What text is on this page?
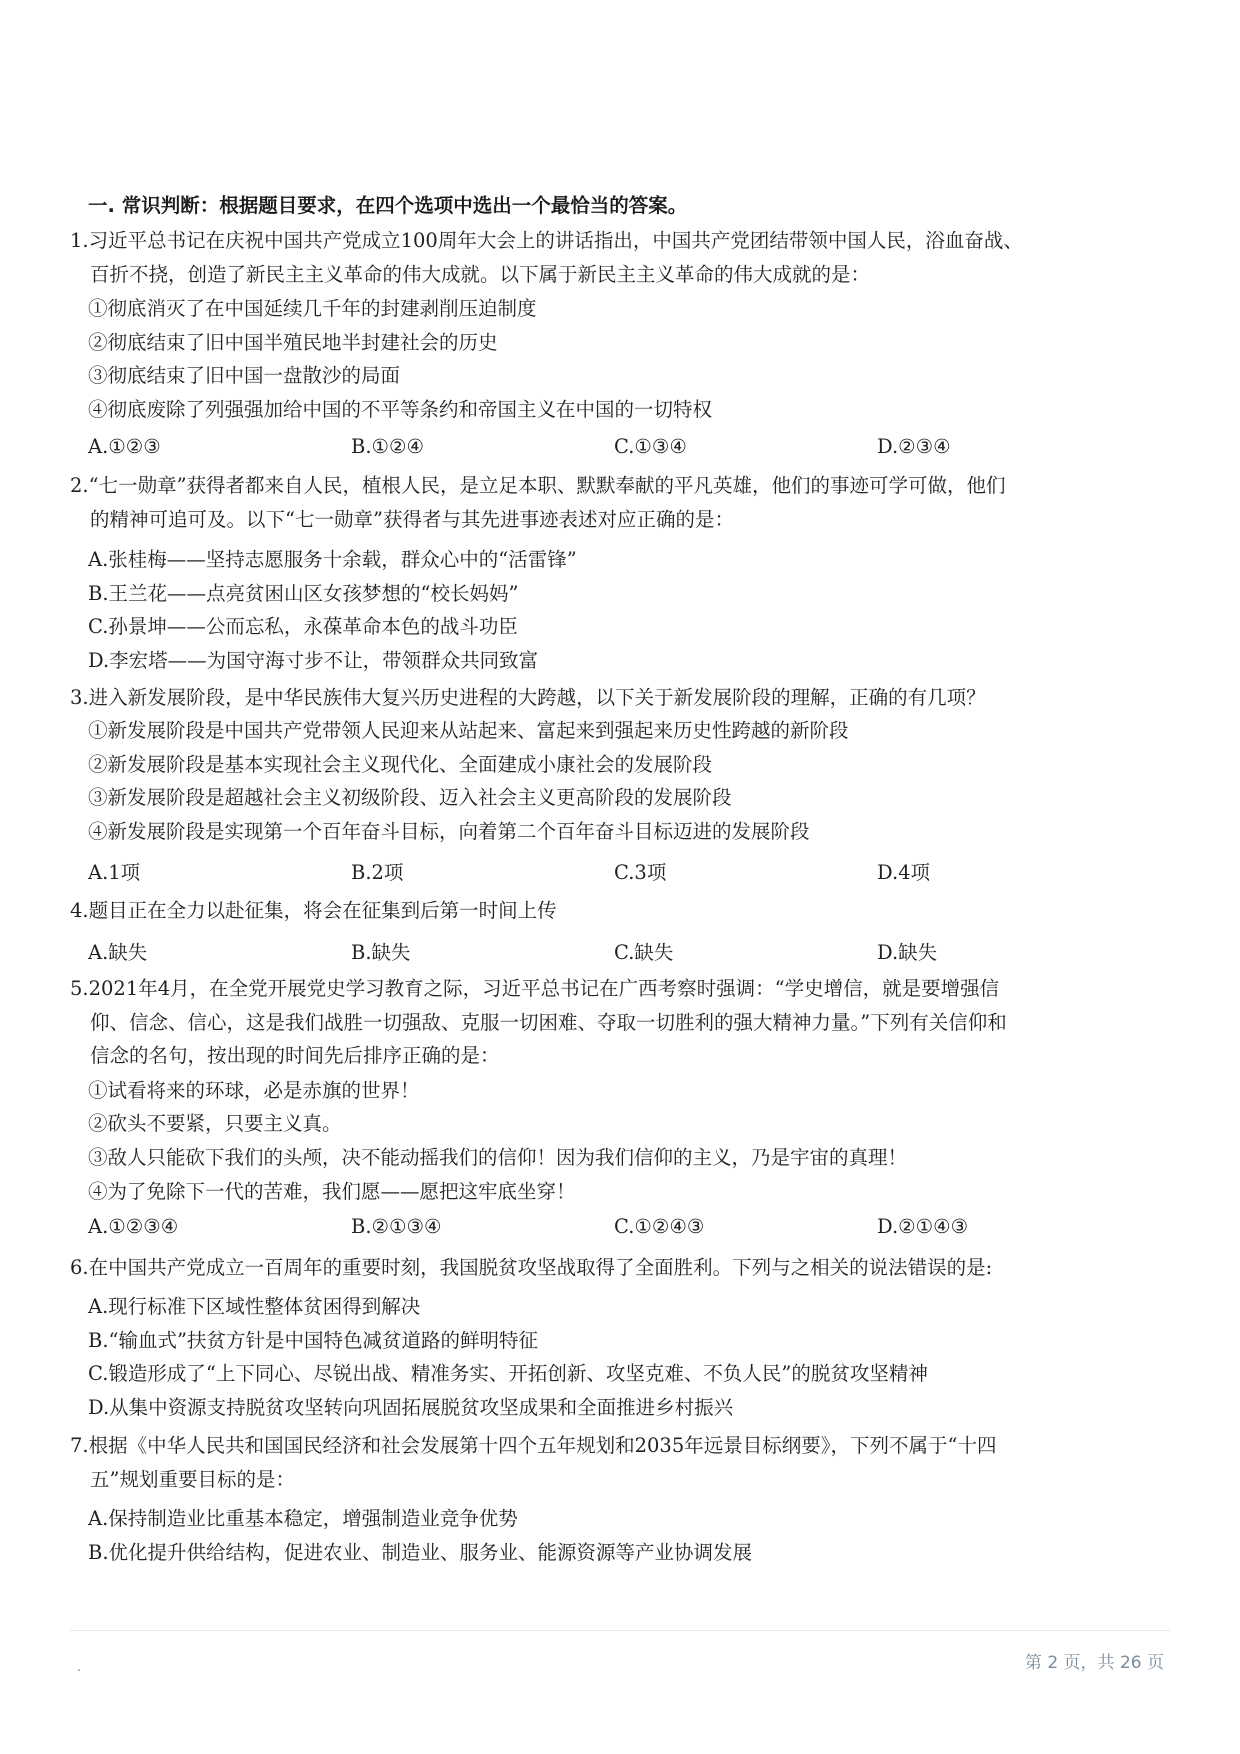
一. 常识判断：根据题目要求，在四个选项中选出一个最恰当的答案。
1.习近平总书记在庆祝中国共产党成立100周年大会上的讲话指出，中国共产党团结带领中国人民，浴血奋战、
百折不挠，创造了新民主主义革命的伟大成就。以下属于新民主主义革命的伟大成就的是：
①彻底消灭了在中国延续几千年的封建剥削压迫制度
②彻底结束了旧中国半殖民地半封建社会的历史
③彻底结束了旧中国一盘散沙的局面
④彻底废除了列强强加给中国的不平等条约和帝国主义在中国的一切特权
A.①②③	B.①②④	C.①③④	D.②③④
2.“七一勋章”获得者都来自人民，植根人民，是立足本职、默默奉献的平凡英雄，他们的事迹可学可做，他们
的精神可追可及。以下“七一勋章”获得者与其先进事迹表述对应正确的是：
A.张桂梅——坚持志愿服务十余载，群众心中的“活雷锋”
B.王兰花——点亮贫困山区女孩梦想的“校长妈妈”
C.孙景坤——公而忘私，永葆革命本色的战斗功臣
D.李宏塔——为国守海寸步不让，带领群众共同致富
3.进入新发展阶段，是中华民族伟大复兴历史进程的大跨越，以下关于新发展阶段的理解，正确的有几项？
①新发展阶段是中国共产党带领人民迎来从站起来、富起来到强起来历史性跨越的新阶段
②新发展阶段是基本实现社会主义现代化、全面建成小康社会的发展阶段
③新发展阶段是超越社会主义初级阶段、迈入社会主义更高阶段的发展阶段
④新发展阶段是实现第一个百年奋斗目标，向着第二个百年奋斗目标迈进的发展阶段
A.1项	B.2项	C.3项	D.4项
4.题目正在全力以赴征集，将会在征集到后第一时间上传
A.缺失	B.缺失	C.缺失	D.缺失
5.2021年4月，在全党开展党史学习教育之际，习近平总书记在广西考察时强调：“学史增信，就是要增强信
仰、信念、信心，这是我们战胜一切强敌、克服一切困难、夺取一切胜利的强大精神力量。”下列有关信仰和
信念的名句，按出现的时间先后排序正确的是：
①试看将来的环球，必是赤旗的世界！
②砍头不要紧，只要主义真。
③敌人只能砍下我们的头颅，决不能动摇我们的信仰！因为我们信仰的主义，乃是宇宙的真理！
④为了免除下一代的苦难，我们愿——愿把这牢底坐穿！
A.①②③④	B.②①③④	C.①②④③	D.②①④③
6.在中国共产党成立一百周年的重要时刻，我国脱贫攻坚战取得了全面胜利。下列与之相关的说法错误的是:
A.现行标准下区域性整体贫困得到解决
B.“输血式”扶贫方针是中国特色减贫道路的鲜明特征
C.锻造形成了“上下同心、尽锐出战、精准务实、开拓创新、攻坚克难、不负人民”的脱贫攻坚精神
D.从集中资源支持脱贫攻坚转向巩固拓展脱贫攻坚成果和全面推进乡村振兴
7.根据《中华人民共和国国民经济和社会发展第十四个五年规划和2035年远景目标纲要》，下列不属于“十四
五”规划重要目标的是：
A.保持制造业比重基本稳定，增强制造业竞争优势
B.优化提升供给结构，促进农业、制造业、服务业、能源资源等产业协调发展
.	第 2 页，共 26 页
